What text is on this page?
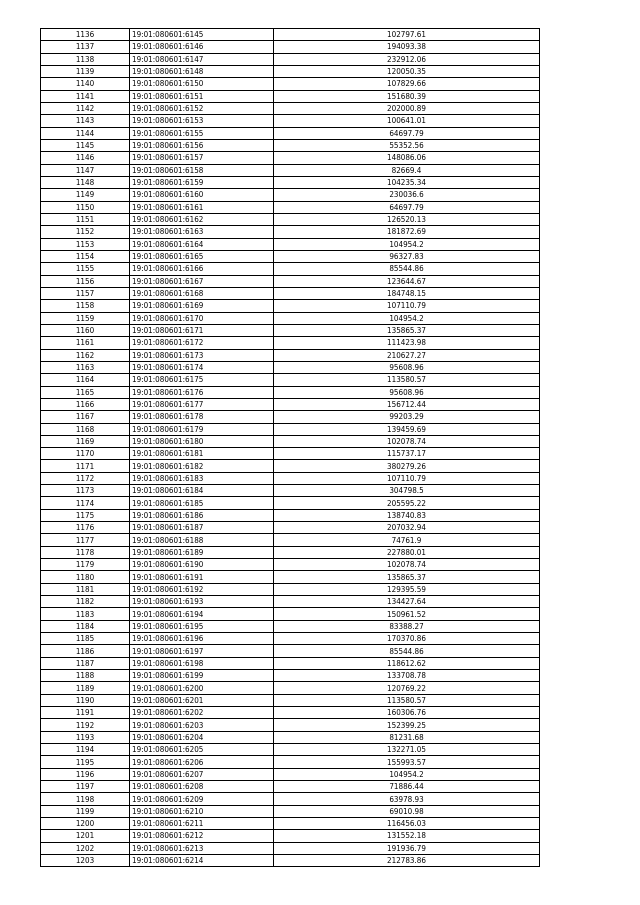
1136	19:01:080601:6145	102797.61
1137	19:01:080601:6146	194093.38
1138	19:01:080601:6147	232912.06
1139	19:01:080601:6148	120050.35
1140	19:01:080601:6150	107829.66
1141	19:01:080601:6151	151680.39
1142	19:01:080601:6152	202000.89
1143	19:01:080601:6153	100641.01
1144	19:01:080601:6155	64697.79
1145	19:01:080601:6156	55352.56
1146	19:01:080601:6157	148086.06
1147	19:01:080601:6158	82669.4
1148	19:01:080601:6159	104235.34
1149	19:01:080601:6160	230036.6
1150	19:01:080601:6161	64697.79
1151	19:01:080601:6162	126520.13
1152	19:01:080601:6163	181872.69
1153	19:01:080601:6164	104954.2
1154	19:01:080601:6165	96327.83
1155	19:01:080601:6166	85544.86
1156	19:01:080601:6167	123644.67
1157	19:01:080601:6168	184748.15
1158	19:01:080601:6169	107110.79
1159	19:01:080601:6170	104954.2
1160	19:01:080601:6171	135865.37
1161	19:01:080601:6172	111423.98
1162	19:01:080601:6173	210627.27
1163	19:01:080601:6174	95608.96
1164	19:01:080601:6175	113580.57
1165	19:01:080601:6176	95608.96
1166	19:01:080601:6177	156712.44
1167	19:01:080601:6178	99203.29
1168	19:01:080601:6179	139459.69
1169	19:01:080601:6180	102078.74
1170	19:01:080601:6181	115737.17
1171	19:01:080601:6182	380279.26
1172	19:01:080601:6183	107110.79
1173	19:01:080601:6184	304798.5
1174	19:01:080601:6185	205595.22
1175	19:01:080601:6186	138740.83
1176	19:01:080601:6187	207032.94
1177	19:01:080601:6188	74761.9
1178	19:01:080601:6189	227880.01
1179	19:01:080601:6190	102078.74
1180	19:01:080601:6191	135865.37
1181	19:01:080601:6192	129395.59
1182	19:01:080601:6193	134427.64
1183	19:01:080601:6194	150961.52
1184	19:01:080601:6195	83388.27
1185	19:01:080601:6196	170370.86
1186	19:01:080601:6197	85544.86
1187	19:01:080601:6198	118612.62
1188	19:01:080601:6199	133708.78
1189	19:01:080601:6200	120769.22
1190	19:01:080601:6201	113580.57
1191	19:01:080601:6202	160306.76
1192	19:01:080601:6203	152399.25
1193	19:01:080601:6204	81231.68
1194	19:01:080601:6205	132271.05
1195	19:01:080601:6206	155993.57
1196	19:01:080601:6207	104954.2
1197	19:01:080601:6208	71886.44
1198	19:01:080601:6209	63978.93
1199	19:01:080601:6210	69010.98
1200	19:01:080601:6211	116456.03
1201	19:01:080601:6212	131552.18
1202	19:01:080601:6213	191936.79
1203	19:01:080601:6214	212783.86
